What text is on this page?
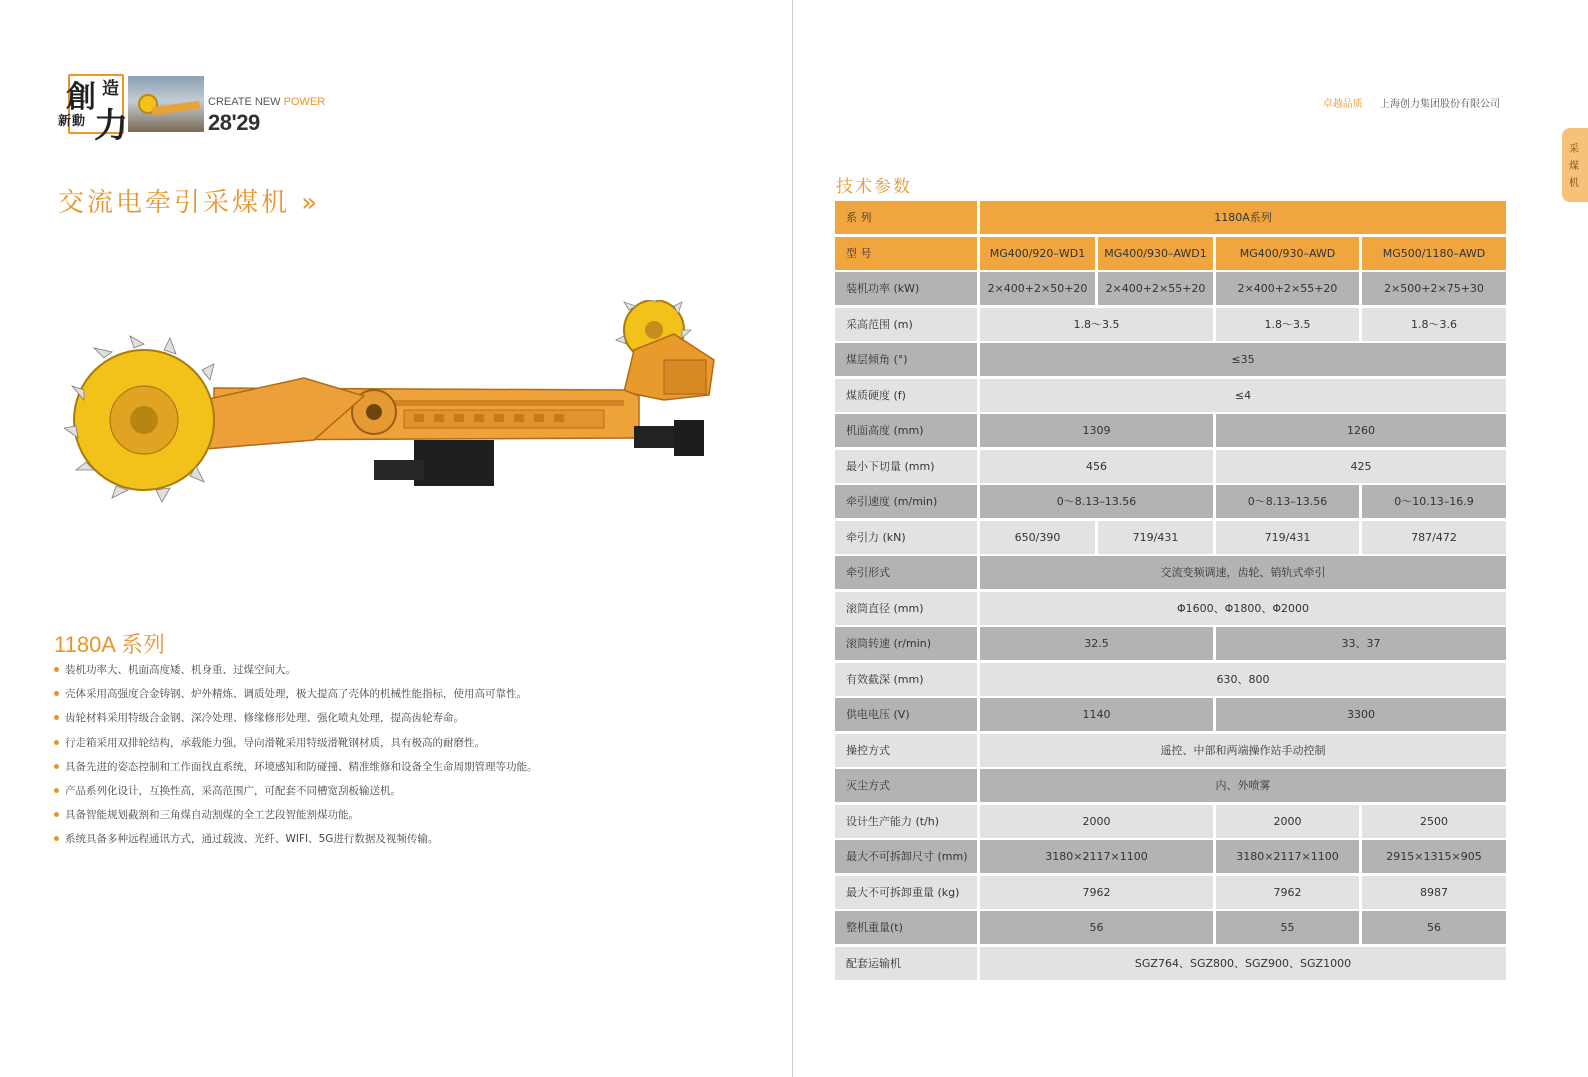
創 造
新動 力
CREATE NEW POWER
28'29
交流电牵引采煤机 »
1180A 系列
装机功率大、机面高度矮、机身重、过煤空间大。
壳体采用高强度合金铸钢、炉外精炼、调质处理，极大提高了壳体的机械性能指标，使用高可靠性。
齿轮材料采用特级合金钢、深冷处理、修缘修形处理、强化喷丸处理，提高齿轮寿命。
行走箱采用双排轮结构，承载能力强，导向滑靴采用特级滑靴钢材质，具有极高的耐磨性。
具备先进的姿态控制和工作面找直系统，环境感知和防碰撞、精准维修和设备全生命周期管理等功能。
产品系列化设计，互换性高，采高范围广，可配套不同槽宽刮板输送机。
具备智能规划截割和三角煤自动割煤的全工艺段智能割煤功能。
系统具备多种远程通讯方式，通过载波、光纤、WIFI、5G进行数据及视频传输。
卓越品质 上海创力集团股份有限公司
采
煤
机
技术参数
系 列	1180A系列
型 号	MG400/920–WD1	MG400/930–AWD1	MG400/930–AWD	MG500/1180–AWD
装机功率 (kW)	2×400+2×50+20	2×400+2×55+20	2×400+2×55+20	2×500+2×75+30
采高范围 (m)	1.8～3.5	1.8～3.5	1.8～3.6
煤层倾角 (°)	≤35
煤质硬度 (f)	≤4
机面高度 (mm)	1309	1260
最小下切量 (mm)	456	425
牵引速度 (m/min)	0～8.13–13.56	0～8.13–13.56	0～10.13–16.9
牵引力 (kN)	650/390	719/431	719/431	787/472
牵引形式	交流变频调速，齿轮、销轨式牵引
滚筒直径 (mm)	Φ1600、Φ1800、Φ2000
滚筒转速 (r/min)	32.5	33、37
有效截深 (mm)	630、800
供电电压 (V)	1140	3300
操控方式	遥控、中部和两端操作站手动控制
灭尘方式	内、外喷雾
设计生产能力 (t/h)	2000	2000	2500
最大不可拆卸尺寸 (mm)	3180×2117×1100	3180×2117×1100	2915×1315×905
最大不可拆卸重量 (kg)	7962	7962	8987
整机重量(t)	56	55	56
配套运输机	SGZ764、SGZ800、SGZ900、SGZ1000
